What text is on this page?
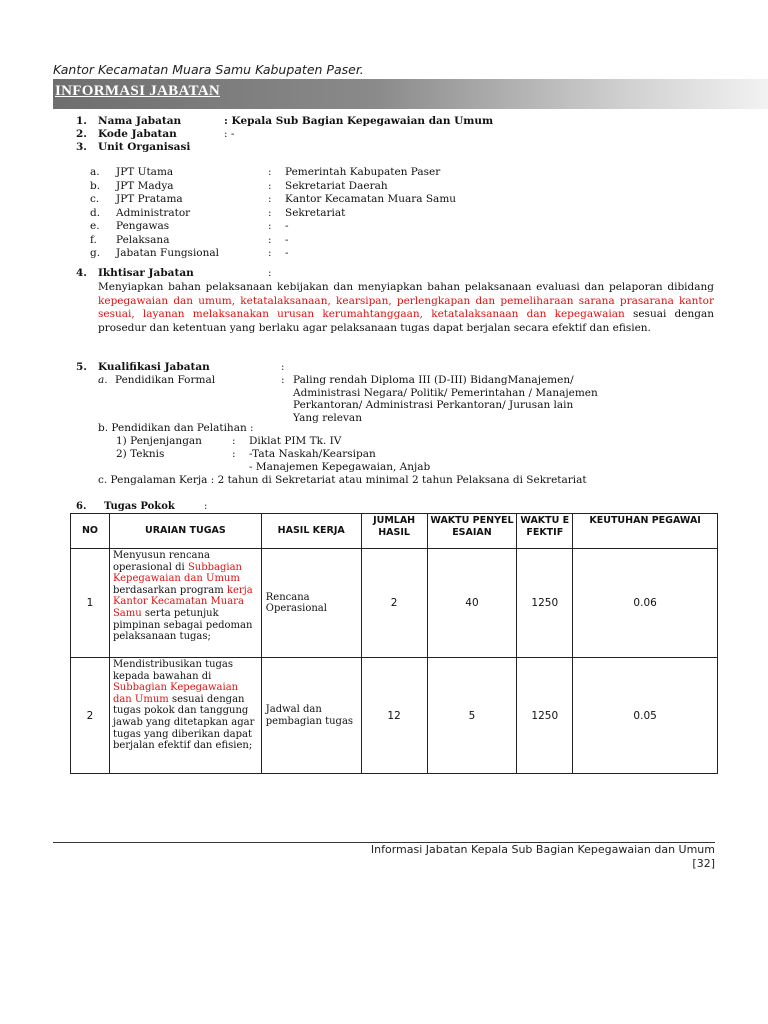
Kantor Kecamatan Muara Samu Kabupaten Paser.
INFORMASI JABATAN
1. Nama Jabatan	: Kepala Sub Bagian Kepegawaian dan Umum
2. Kode Jabatan	: -
3. Unit Organisasi
a. JPT Utama	: Pemerintah Kabupaten Paser
b. JPT Madya	: Sekretariat Daerah
c. JPT Pratama	: Kantor Kecamatan Muara Samu
d. Administrator	: Sekretariat
e. Pengawas	: -
f. Pelaksana	: -
g. Jabatan Fungsional	: -
4. Ikhtisar Jabatan	:
Menyiapkan bahan pelaksanaan kebijakan dan menyiapkan bahan pelaksanaan evaluasi dan pelaporan dibidang kepegawaian dan umum, ketatalaksanaan, kearsipan, perlengkapan dan pemeliharaan sarana prasarana kantor sesuai, layanan melaksanakan urusan kerumahtanggaan, ketatalaksanaan dan kepegawaian sesuai dengan prosedur dan ketentuan yang berlaku agar pelaksanaan tugas dapat berjalan secara efektif dan efisien.
5. Kualifikasi Jabatan	:
a. Pendidikan Formal	: Paling rendah Diploma III (D-III) BidangManajemen/
Administrasi Negara/ Politik/ Pemerintahan / Manajemen
Perkantoran/ Administrasi Perkantoran/ Jurusan lain
Yang relevan
b. Pendidikan dan Pelatihan :
1) Penjenjangan	: Diklat PIM Tk. IV
2) Teknis	: -Tata Naskah/Kearsipan
- Manajemen Kepegawaian, Anjab
c. Pengalaman Kerja : 2 tahun di Sekretariat atau minimal 2 tahun Pelaksana di Sekretariat
6. Tugas Pokok	:
NO	URAIAN TUGAS	HASIL KERJA	JUMLAH HASIL	WAKTU PENYELESAIAN	WAKTU EFEKTIF	KEUTUHAN PEGAWAI
1	Menyusun rencana operasional di Subbagian Kepegawaian dan Umum berdasarkan program kerja Kantor Kecamatan Muara Samu serta petunjuk pimpinan sebagai pedoman pelaksanaan tugas;	Rencana Operasional	2	40	1250	0.06
2	Mendistribusikan tugas kepada bawahan di Subbagian Kepegawaian dan Umum sesuai dengan tugas pokok dan tanggung jawab yang ditetapkan agar tugas yang diberikan dapat berjalan efektif dan efisien;	Jadwal dan pembagian tugas	12	5	1250	0.05
Informasi Jabatan Kepala Sub Bagian Kepegawaian dan Umum
[32]
